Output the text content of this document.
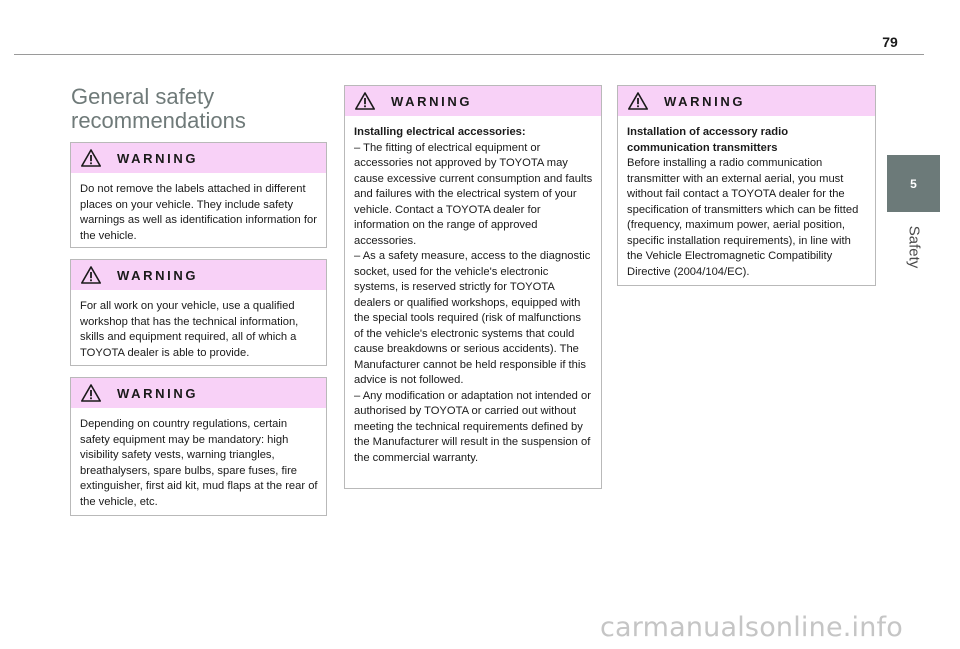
79
5
Safety
General safety recommendations
WARNING

Do not remove the labels attached in different places on your vehicle. They include safety warnings as well as identification information for the vehicle.

WARNING

For all work on your vehicle, use a qualified workshop that has the technical information, skills and equipment required, all of which a TOYOTA dealer is able to provide.

WARNING

Depending on country regulations, certain safety equipment may be mandatory: high visibility safety vests, warning triangles, breathalysers, spare bulbs, spare fuses, fire extinguisher, first aid kit, mud flaps at the rear of the vehicle, etc.

WARNING

Installing electrical accessories:

– The fitting of electrical equipment or accessories not approved by TOYOTA may cause excessive current consumption and faults and failures with the electrical system of your vehicle. Contact a TOYOTA dealer for information on the range of approved accessories.

– As a safety measure, access to the diagnostic socket, used for the vehicle's electronic systems, is reserved strictly for TOYOTA dealers or qualified workshops, equipped with the special tools required (risk of malfunctions of the vehicle's electronic systems that could cause breakdowns or serious accidents). The Manufacturer cannot be held responsible if this advice is not followed.

– Any modification or adaptation not intended or authorised by TOYOTA or carried out without meeting the technical requirements defined by the Manufacturer will result in the suspension of the commercial warranty.

WARNING

Installation of accessory radio communication transmitters

Before installing a radio communication transmitter with an external aerial, you must without fail contact a TOYOTA dealer for the specification of transmitters which can be fitted (frequency, maximum power, aerial position, specific installation requirements), in line with the Vehicle Electromagnetic Compatibility Directive (2004/104/EC).

carmanualsonline.info
